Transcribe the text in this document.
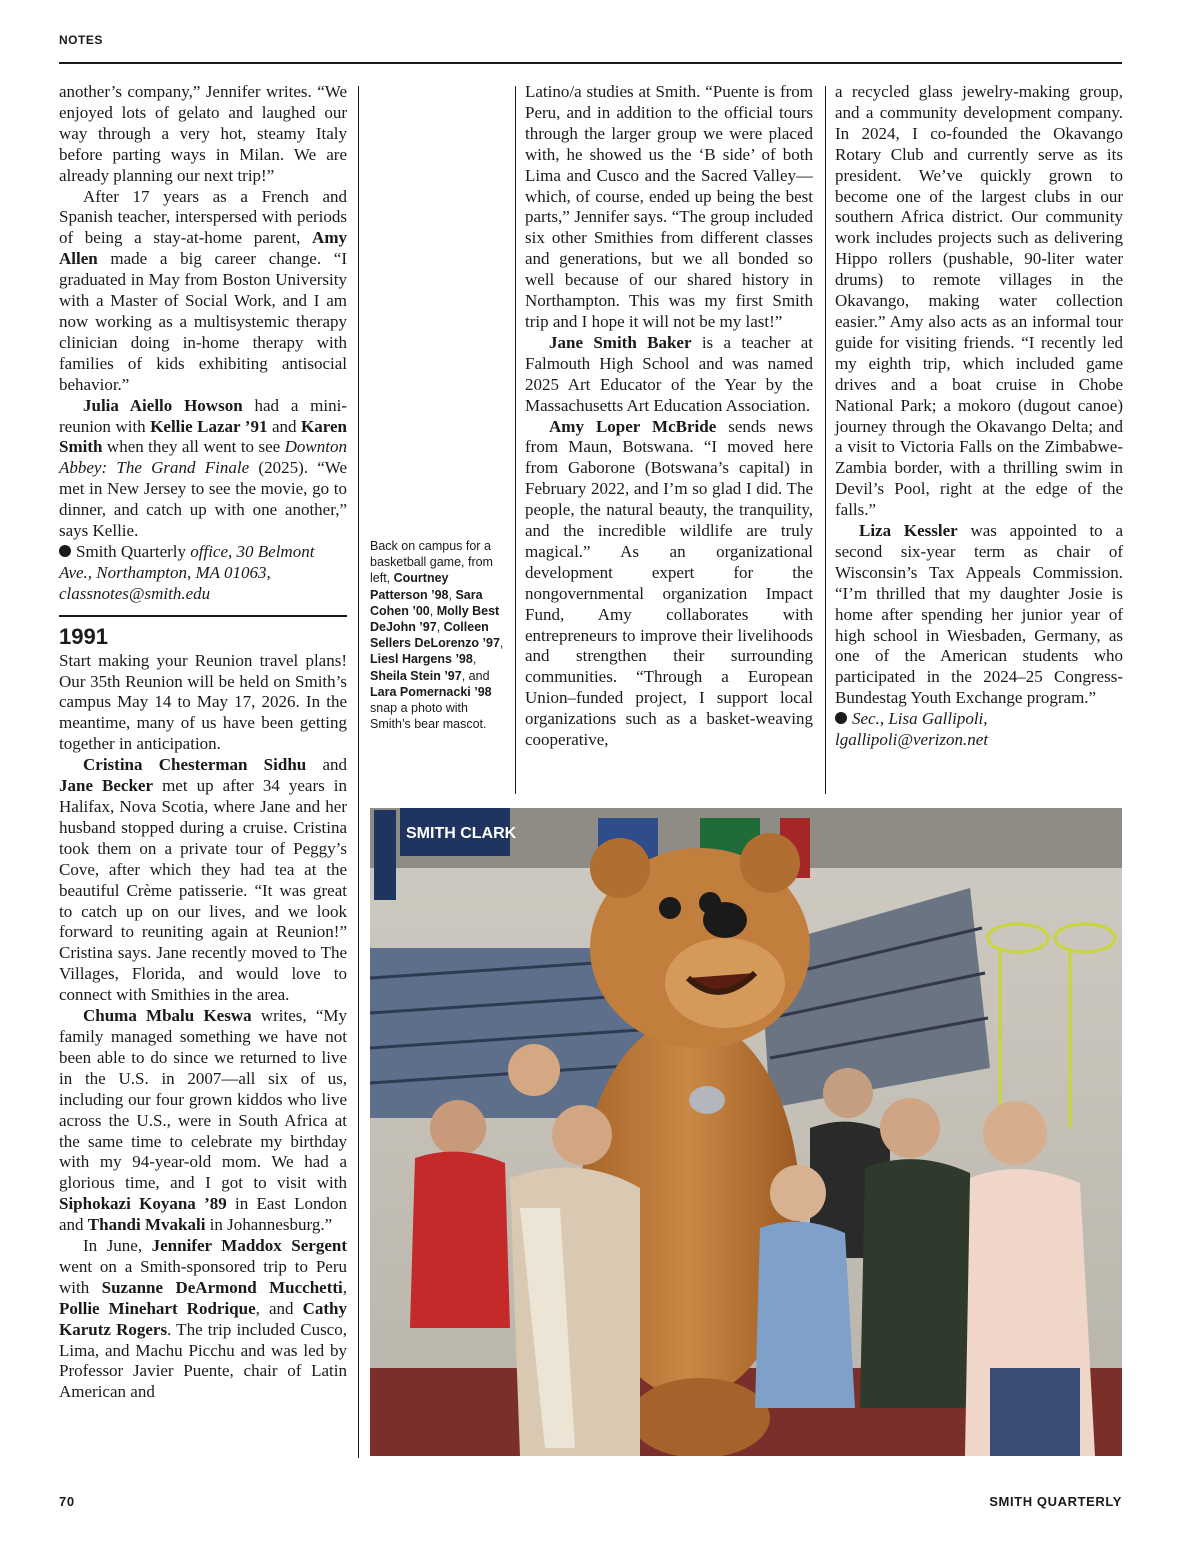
NOTES

another’s company,” Jennifer writes. “We enjoyed lots of gelato and laughed our way through a very hot, steamy Italy before parting ways in Milan. We are already planning our next trip!”

After 17 years as a French and Spanish teacher, interspersed with periods of being a stay-at-home parent, Amy Allen made a big career change. “I graduated in May from Boston University with a Master of Social Work, and I am now working as a multisystemic therapy clinician doing in-home therapy with families of kids exhibiting antisocial behavior.”

Julia Aiello Howson had a mini-reunion with Kellie Lazar ’91 and Karen Smith when they all went to see Downton Abbey: The Grand Finale (2025). “We met in New Jersey to see the movie, go to dinner, and catch up with one another,” says Kellie.

Smith Quarterly office, 30 Belmont Ave., Northampton, MA 01063, classnotes@smith.edu

1991

Start making your Reunion travel plans! Our 35th Reunion will be held on Smith’s campus May 14 to May 17, 2026. In the meantime, many of us have been getting together in anticipation.

Cristina Chesterman Sidhu and Jane Becker met up after 34 years in Halifax, Nova Scotia, where Jane and her husband stopped during a cruise. Cristina took them on a private tour of Peggy’s Cove, after which they had tea at the beautiful Crème patisserie. “It was great to catch up on our lives, and we look forward to reuniting again at Reunion!” Cristina says. Jane recently moved to The Villages, Florida, and would love to connect with Smithies in the area.

Chuma Mbalu Keswa writes, “My family managed something we have not been able to do since we returned to live in the U.S. in 2007—all six of us, including our four grown kiddos who live across the U.S., were in South Africa at the same time to celebrate my birthday with my 94-year-old mom. We had a glorious time, and I got to visit with Siphokazi Koyana ’89 in East London and Thandi Mvakali in Johannesburg.”

In June, Jennifer Maddox Sergent went on a Smith-sponsored trip to Peru with Suzanne DeArmond Mucchetti, Pollie Minehart Rodrique, and Cathy Karutz Rogers. The trip included Cusco, Lima, and Machu Picchu and was led by Professor Javier Puente, chair of Latin American and

Back on campus for a basketball game, from left, Courtney Patterson ’98, Sara Cohen ’00, Molly Best DeJohn ’97, Colleen Sellers DeLorenzo ’97, Liesl Hargens ’98, Sheila Stein ’97, and Lara Pomernacki ’98 snap a photo with Smith’s bear mascot.

Latino/a studies at Smith. “Puente is from Peru, and in addition to the official tours through the larger group we were placed with, he showed us the ‘B side’ of both Lima and Cusco and the Sacred Valley—which, of course, ended up being the best parts,” Jennifer says. “The group included six other Smithies from different classes and generations, but we all bonded so well because of our shared history in Northampton. This was my first Smith trip and I hope it will not be my last!”

Jane Smith Baker is a teacher at Falmouth High School and was named 2025 Art Educator of the Year by the Massachusetts Art Education Association.

Amy Loper McBride sends news from Maun, Botswana. “I moved here from Gaborone (Botswana’s capital) in February 2022, and I’m so glad I did. The people, the natural beauty, the tranquility, and the incredible wildlife are truly magical.” As an organizational development expert for the nongovernmental organization Impact Fund, Amy collaborates with entrepreneurs to improve their livelihoods and strengthen their surrounding communities. “Through a European Union–funded project, I support local organizations such as a basket-weaving cooperative,

a recycled glass jewelry-making group, and a community development company. In 2024, I co-founded the Okavango Rotary Club and currently serve as its president. We’ve quickly grown to become one of the largest clubs in our southern Africa district. Our community work includes projects such as delivering Hippo rollers (pushable, 90-liter water drums) to remote villages in the Okavango, making water collection easier.” Amy also acts as an informal tour guide for visiting friends. “I recently led my eighth trip, which included game drives and a boat cruise in Chobe National Park; a mokoro (dugout canoe) journey through the Okavango Delta; and a visit to Victoria Falls on the Zimbabwe-Zambia border, with a thrilling swim in Devil’s Pool, right at the edge of the falls.”

Liza Kessler was appointed to a second six-year term as chair of Wisconsin’s Tax Appeals Commission. “I’m thrilled that my daughter Josie is home after spending her junior year of high school in Wiesbaden, Germany, as one of the American students who participated in the 2024–25 Congress-Bundestag Youth Exchange program.”

Sec., Lisa Gallipoli, lgallipoli@verizon.net

SMITH CLARK
70	SMITH QUARTERLY
